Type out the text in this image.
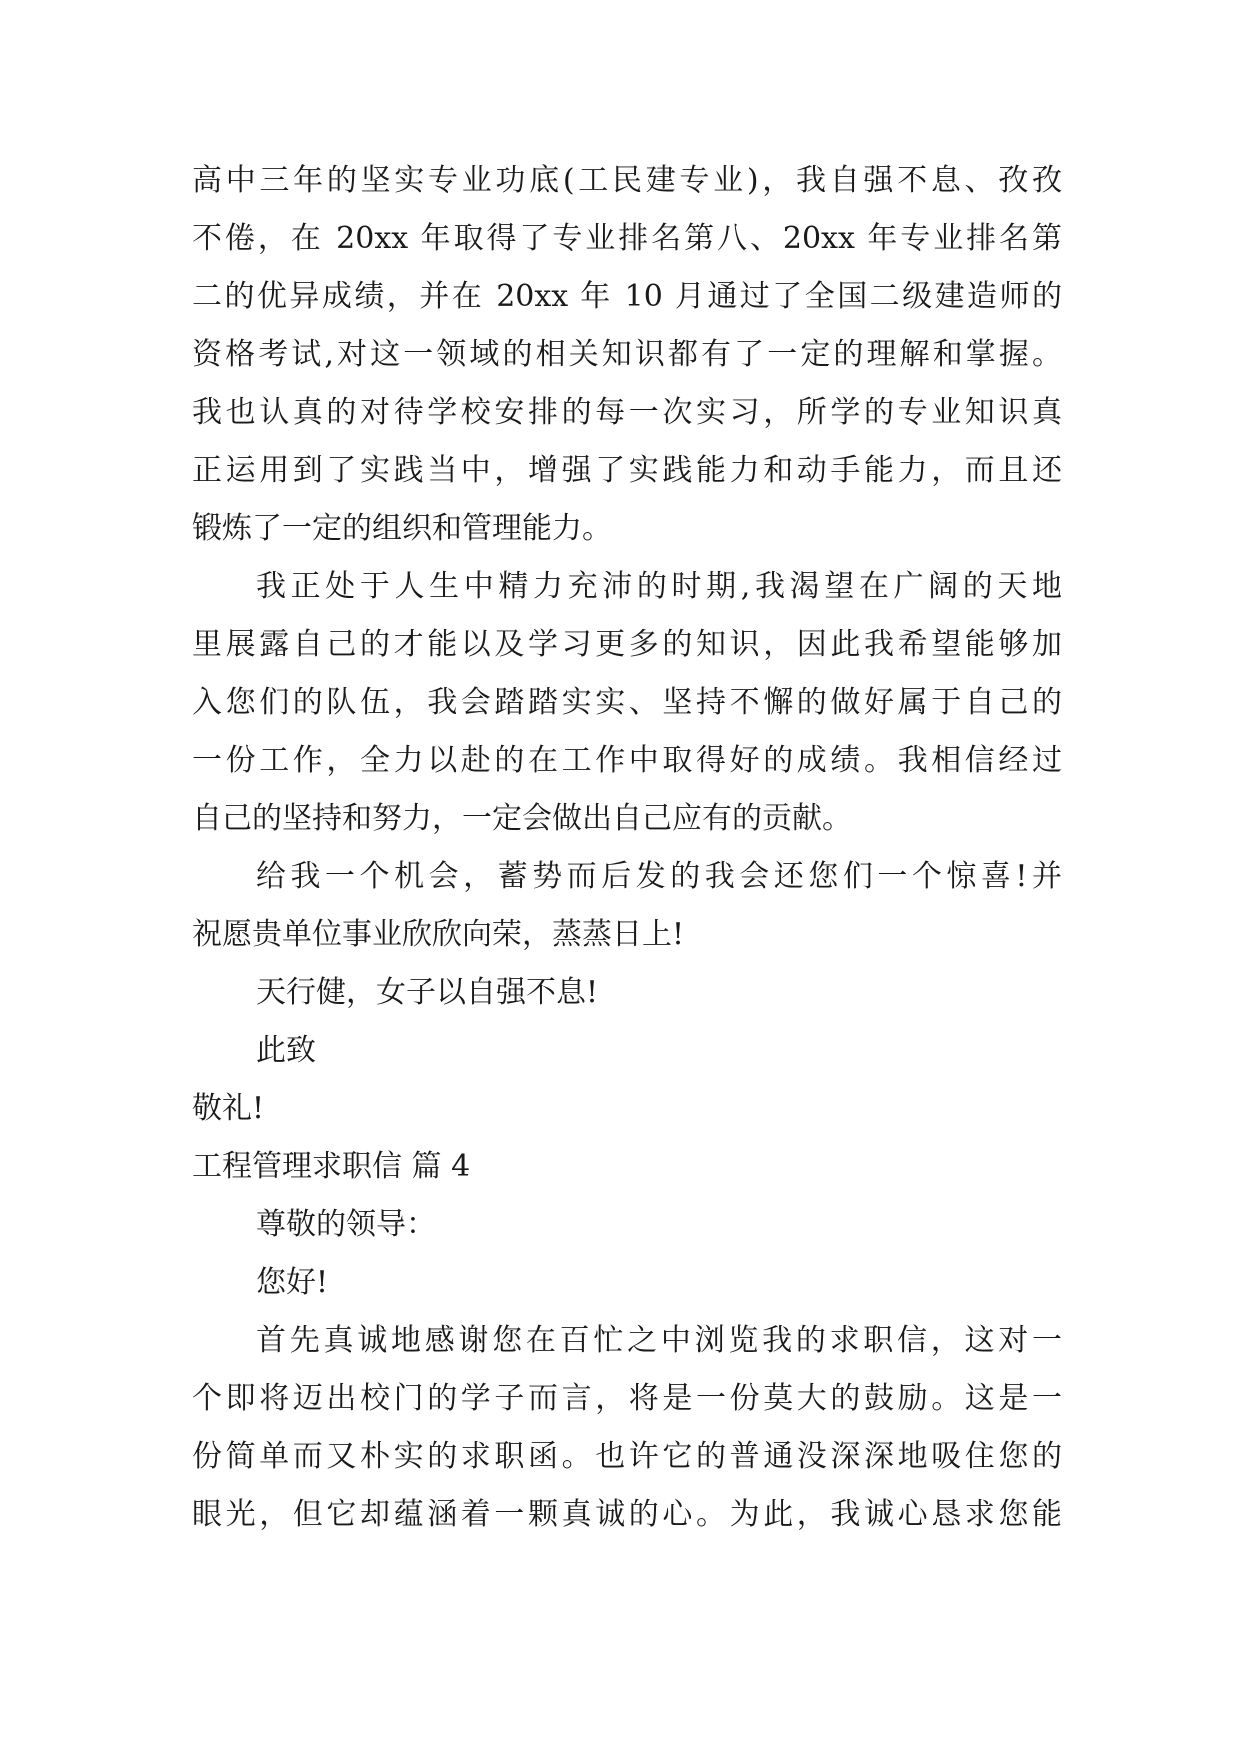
高中三年的坚实专业功底(工民建专业)，我自强不息、孜孜
不倦，在 20xx 年取得了专业排名第八、20xx 年专业排名第
二的优异成绩，并在 20xx 年 10 月通过了全国二级建造师的
资格考试,对这一领域的相关知识都有了一定的理解和掌握。
我也认真的对待学校安排的每一次实习，所学的专业知识真
正运用到了实践当中，增强了实践能力和动手能力，而且还
锻炼了一定的组织和管理能力。
我正处于人生中精力充沛的时期,我渴望在广阔的天地
里展露自己的才能以及学习更多的知识，因此我希望能够加
入您们的队伍，我会踏踏实实、坚持不懈的做好属于自己的
一份工作，全力以赴的在工作中取得好的成绩。我相信经过
自己的坚持和努力，一定会做出自己应有的贡献。
给我一个机会，蓄势而后发的我会还您们一个惊喜!并
祝愿贵单位事业欣欣向荣，蒸蒸日上!
天行健，女子以自强不息!
此致
敬礼!
工程管理求职信 篇 4
尊敬的领导：
您好!
首先真诚地感谢您在百忙之中浏览我的求职信，这对一
个即将迈出校门的学子而言，将是一份莫大的鼓励。这是一
份简单而又朴实的求职函。也许它的普通没深深地吸住您的
眼光，但它却蕴涵着一颗真诚的心。为此，我诚心恳求您能
